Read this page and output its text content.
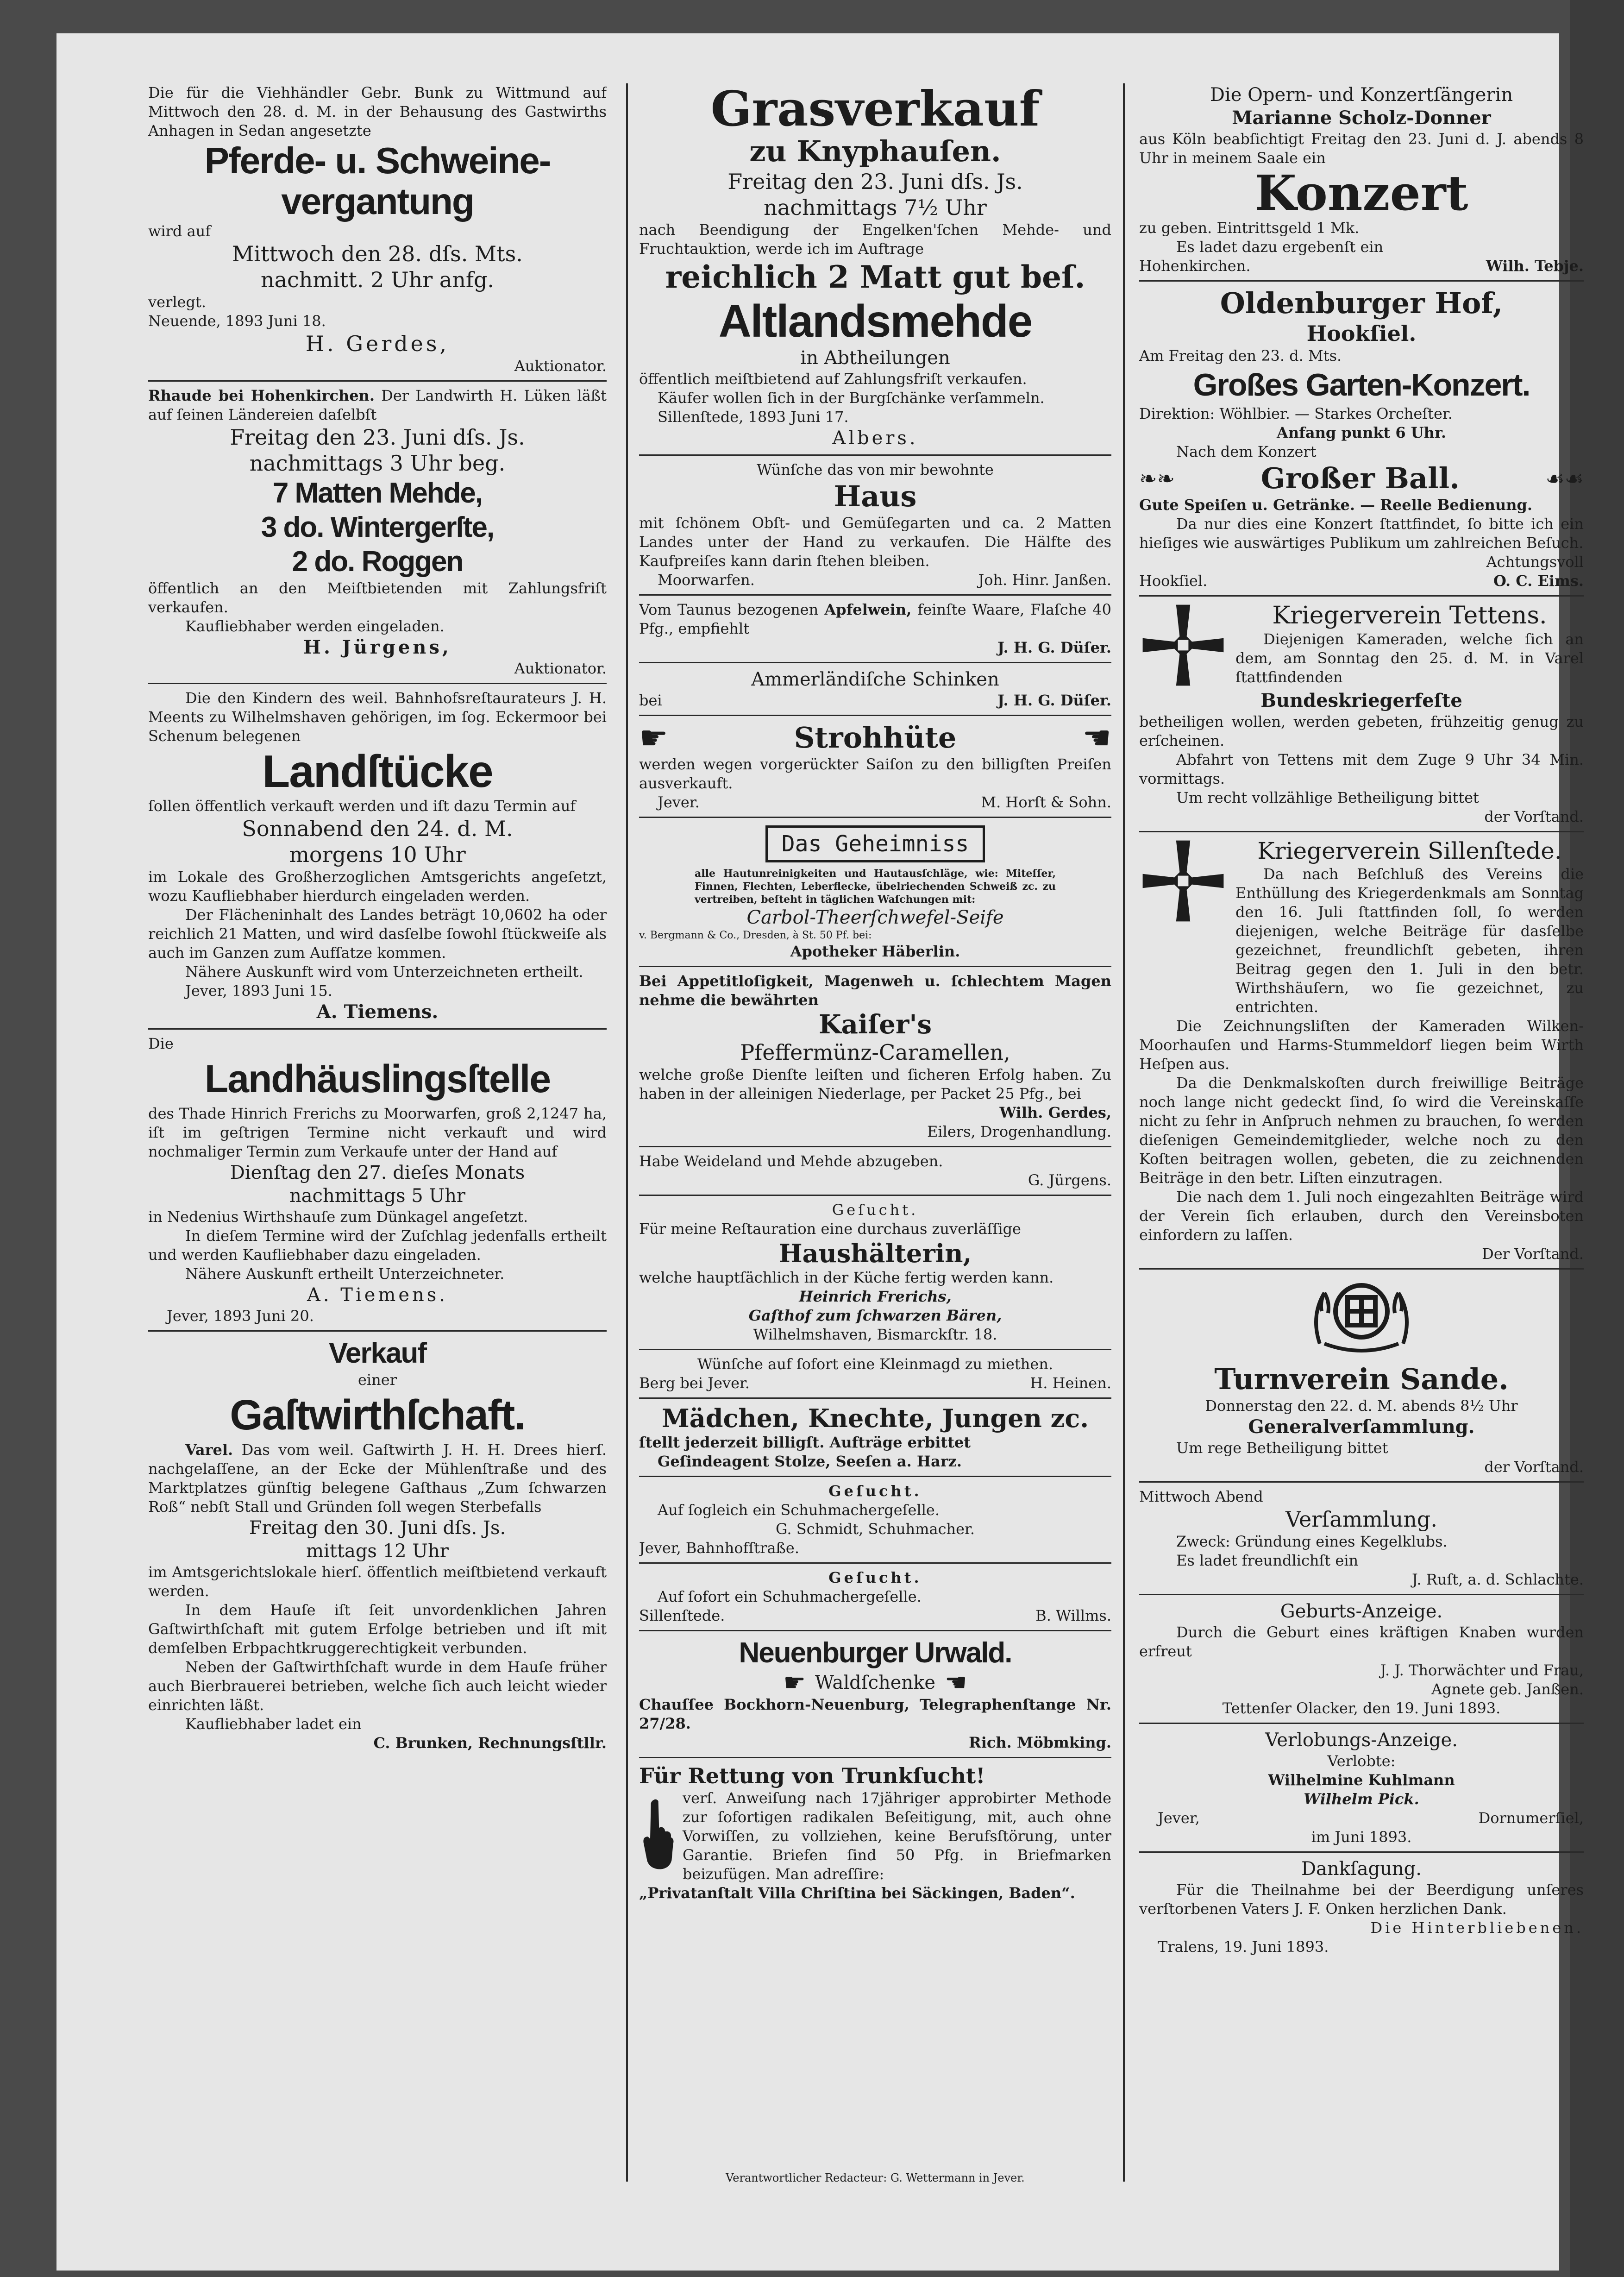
Die für die Viehhändler Gebr. Bunk zu Wittmund auf Mittwoch den 28. d. M. in der Behausung des Gastwirths Anhagen in Sedan angesetzte

Pferde- u. Schweine-
vergantung

wird auf

Mittwoch den 28. dſs. Mts.
nachmitt. 2 Uhr anfg.

verlegt.

Neuende, 1893 Juni 18.

H. Gerdes,

Auktionator.

Rhaude bei Hohenkirchen. Der Landwirth H. Lüken läßt auf ſeinen Ländereien daſelbſt

Freitag den 23. Juni dſs. Js.
nachmittags 3 Uhr beg.
7 Matten Mehde,
3 do. Wintergerſte,
2 do. Roggen

öffentlich an den Meiſtbietenden mit Zahlungsfriſt verkaufen.

Kaufliebhaber werden eingeladen.

H. Jürgens,

Auktionator.

Die den Kindern des weil. Bahnhofsreſtaurateurs J. H. Meents zu Wilhelmshaven gehörigen, im ſog. Eckermoor bei Schenum belegenen

Landſtücke

ſollen öffentlich verkauft werden und iſt dazu Termin auf

Sonnabend den 24. d. M.
morgens 10 Uhr

im Lokale des Großherzoglichen Amtsgerichts angeſetzt, wozu Kaufliebhaber hierdurch eingeladen werden.

Der Flächeninhalt des Landes beträgt 10,0602 ha oder reichlich 21 Matten, und wird dasſelbe ſowohl ſtückweiſe als auch im Ganzen zum Aufſatze kommen.

Nähere Auskunft wird vom Unterzeichneten ertheilt.

Jever, 1893 Juni 15.

A. Tiemens.

Die

Landhäuslingsſtelle

des Thade Hinrich Frerichs zu Moorwarfen, groß 2,1247 ha, iſt im geſtrigen Termine nicht verkauft und wird nochmaliger Termin zum Verkaufe unter der Hand auf

Dienſtag den 27. dieſes Monats
nachmittags 5 Uhr

in Nedenius Wirthshauſe zum Dünkagel angeſetzt.

In dieſem Termine wird der Zuſchlag jedenfalls ertheilt und werden Kaufliebhaber dazu eingeladen.

Nähere Auskunft ertheilt Unterzeichneter.

A. Tiemens.

Jever, 1893 Juni 20.

Verkauf

einer

Gaſtwirthſchaft.

Varel. Das vom weil. Gaſtwirth J. H. H. Drees hierſ. nachgelaſſene, an der Ecke der Mühlenſtraße und des Marktplatzes günſtig belegene Gaſthaus „Zum ſchwarzen Roß“ nebſt Stall und Gründen ſoll wegen Sterbefalls

Freitag den 30. Juni dſs. Js.
mittags 12 Uhr

im Amtsgerichtslokale hierſ. öffentlich meiſtbietend verkauft werden.

In dem Hauſe iſt ſeit unvordenklichen Jahren Gaſtwirthſchaft mit gutem Erfolge betrieben und iſt mit demſelben Erbpachtkruggerechtigkeit verbunden.

Neben der Gaſtwirthſchaft wurde in dem Hauſe früher auch Bierbrauerei betrieben, welche ſich auch leicht wieder einrichten läßt.

Kaufliebhaber ladet ein

C. Brunken, Rechnungsſtllr.

Grasverkauf
zu Knyphauſen.
Freitag den 23. Juni dſs. Js.
nachmittags 7½ Uhr

nach Beendigung der Engelken'ſchen Mehde- und Fruchtauktion, werde ich im Auftrage

reichlich 2 Matt gut beſ.
Altlandsmehde
in Abtheilungen

öffentlich meiſtbietend auf Zahlungsfriſt verkaufen.

Käufer wollen ſich in der Burgſchänke verſammeln.

Sillenſtede, 1893 Juni 17.
Albers.

Wünſche das von mir bewohnte

Haus

mit ſchönem Obſt- und Gemüſegarten und ca. 2 Matten Landes unter der Hand zu verkaufen. Die Hälfte des Kaufpreiſes kann darin ſtehen bleiben.

Moorwarfen.	Joh. Hinr. Janßen.

Vom Taunus bezogenen Apfelwein, feinſte Waare, Flaſche 40 Pfg., empfiehlt

J. H. G. Düſer.

Ammerländiſche Schinken
bei	J. H. G. Düſer.
☛	Strohhüte	☚

werden wegen vorgerückter Saiſon zu den billigſten Preiſen ausverkauft.

Jever.	M. Horſt & Sohn.
Das Geheimniss

alle Hautunreinigkeiten und Hautausſchläge, wie: Miteſſer, Finnen, Flechten, Leberflecke, übelriechenden Schweiß zc. zu vertreiben, beſteht in täglichen Waſchungen mit:

Carbol-Theerſchwefel-Seife

v. Bergmann & Co., Dresden, à St. 50 Pf. bei:

Apotheker Häberlin.

Bei Appetitloſigkeit, Magenweh u. ſchlechtem Magen nehme die bewährten

Kaiſer's
Pfeffermünz-Caramellen,

welche große Dienſte leiſten und ſicheren Erfolg haben. Zu haben in der alleinigen Niederlage, per Packet 25 Pfg., bei

Wilh. Gerdes,

Eilers, Drogenhandlung.

Habe Weideland und Mehde abzugeben.

G. Jürgens.

Geſucht.

Für meine Reſtauration eine durchaus zuverläſſige

Haushälterin,

welche hauptſächlich in der Küche fertig werden kann.

Heinrich Frerichs,

Gaſthof zum ſchwarzen Bären,

Wilhelmshaven, Bismarckſtr. 18.

Wünſche auf ſofort eine Kleinmagd zu miethen.

Berg bei Jever.	H. Heinen.
Mädchen, Knechte, Jungen zc.

ſtellt jederzeit billigſt. Aufträge erbittet

Geſindeagent Stolze, Seeſen a. Harz.

Geſucht.

Auf ſogleich ein Schuhmachergeſelle.

G. Schmidt, Schuhmacher.

Jever, Bahnhofſtraße.

Geſucht.

Auf ſofort ein Schuhmachergeſelle.

Sillenſtede.	B. Willms.
Neuenburger Urwald.
☛ Waldſchenke ☚

Chauſſee Bockhorn-Neuenburg, Telegraphenſtange Nr. 27/28.

Rich. Möbmking.

Für Rettung von Trunkſucht!

verſ. Anweiſung nach 17jähriger approbirter Methode zur ſofortigen radikalen Beſeitigung, mit, auch ohne Vorwiſſen, zu vollziehen, keine Berufsſtörung, unter Garantie. Briefen ſind 50 Pfg. in Briefmarken beizufügen. Man adreſſire:

„Privatanſtalt Villa Chriſtina bei Säckingen, Baden“.

Die Opern- und Konzertſängerin
Marianne Scholz-Donner

aus Köln beabſichtigt Freitag den 23. Juni d. J. abends 8 Uhr in meinem Saale ein

Konzert

zu geben. Eintrittsgeld 1 Mk.

Es ladet dazu ergebenſt ein

Hohenkirchen.	Wilh. Tebje.
Oldenburger Hof,
Hookſiel.

Am Freitag den 23. d. Mts.

Großes Garten-Konzert.

Direktion: Wöhlbier. — Starkes Orcheſter.

Anfang punkt 6 Uhr.

Nach dem Konzert

❧❧	Großer Ball.	☙☙

Gute Speiſen u. Getränke. — Reelle Bedienung.

Da nur dies eine Konzert ſtattfindet, ſo bitte ich ein hieſiges wie auswärtiges Publikum um zahlreichen Beſuch.

Achtungsvoll

Hookſiel.	O. C. Eims.
Kriegerverein Tettens.

Diejenigen Kameraden, welche ſich an dem, am Sonntag den 25. d. M. in Varel ſtattfindenden

Bundeskriegerfeſte

betheiligen wollen, werden gebeten, frühzeitig genug zu erſcheinen.

Abfahrt von Tettens mit dem Zuge 9 Uhr 34 Min. vormittags.

Um recht vollzählige Betheiligung bittet

der Vorſtand.

Kriegerverein Sillenſtede.

Da nach Beſchluß des Vereins die Enthüllung des Kriegerdenkmals am Sonntag den 16. Juli ſtattfinden ſoll, ſo werden diejenigen, welche Beiträge für dasſelbe gezeichnet, freundlichſt gebeten, ihren Beitrag gegen den 1. Juli in den betr. Wirthshäuſern, wo ſie gezeichnet, zu entrichten.

Die Zeichnungsliſten der Kameraden Wilken-Moorhauſen und Harms-Stummeldorf liegen beim Wirth Heſpen aus.

Da die Denkmalskoſten durch freiwillige Beiträge noch lange nicht gedeckt ſind, ſo wird die Vereinskaſſe nicht zu ſehr in Anſpruch nehmen zu brauchen, ſo werden dieſenigen Gemeindemitglieder, welche noch zu den Koſten beitragen wollen, gebeten, die zu zeichnenden Beiträge in den betr. Liſten einzutragen.

Die nach dem 1. Juli noch eingezahlten Beiträge wird der Verein ſich erlauben, durch den Vereinsboten einfordern zu laſſen.

Der Vorſtand.

Turnverein Sande.

Donnerstag den 22. d. M. abends 8½ Uhr

Generalverſammlung.

Um rege Betheiligung bittet

der Vorſtand.

Mittwoch Abend

Verſammlung.

Zweck: Gründung eines Kegelklubs.

Es ladet freundlichſt ein

J. Ruſt, a. d. Schlachte.

Geburts-Anzeige.

Durch die Geburt eines kräftigen Knaben wurden erfreut

J. J. Thorwächter und Frau,

Agnete geb. Janßen.

Tettenſer Olacker, den 19. Juni 1893.

Verlobungs-Anzeige.

Verlobte:

Wilhelmine Kuhlmann

Wilhelm Pick.

Jever,	Dornumerſiel,

im Juni 1893.

Dankſagung.

Für die Theilnahme bei der Beerdigung unſeres verſtorbenen Vaters J. F. Onken herzlichen Dank.

Die Hinterbliebenen.

Tralens, 19. Juni 1893.

Verantwortlicher Redacteur: G. Wettermann in Jever.
